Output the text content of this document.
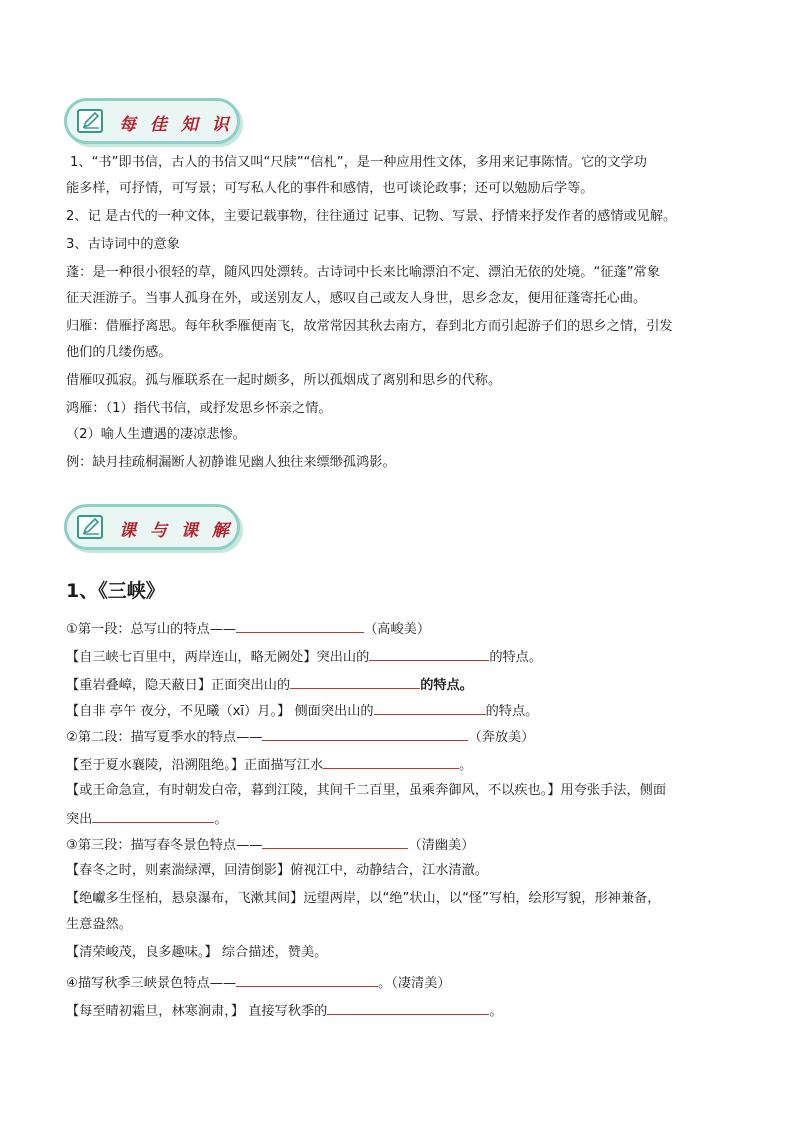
每 佳 知 识
1、“书”即书信，古人的书信又叫“尺牍”“信札”，是一种应用性文体，多用来记事陈情。它的文学功
能多样，可抒情，可写景；可写私人化的事件和感情，也可谈论政事；还可以勉励后学等。
2、记 是古代的一种文体，主要记载事物，往往通过 记事、记物、写景、抒情来抒发作者的感情或见解。
3、古诗词中的意象
蓬：是一种很小很轻的草，随风四处漂转。古诗词中长来比喻漂泊不定、漂泊无依的处境。“征蓬”常象
征天涯游子。当事人孤身在外，或送别友人，感叹自己或友人身世，思乡念友，便用征蓬寄托心曲。
归雁：借雁抒离思。每年秋季雁便南飞，故常常因其秋去南方，春到北方而引起游子们的思乡之情，引发
他们的几缕伤感。
借雁叹孤寂。孤与雁联系在一起时颇多，所以孤烟成了离别和思乡的代称。
鸿雁：（1）指代书信，或抒发思乡怀亲之情。
（2）喻人生遭遇的凄凉悲惨。
例：缺月挂疏桐漏断人初静谁见幽人独往来缥缈孤鸿影。
课 与 课 解
1、《三峡》
①第一段：总写山的特点——	（高峻美）
【自三峡七百里中，两岸连山，略无阙处】突出山的	的特点。
【重岩叠嶂，隐天蔽日】正面突出山的	的特点。
【自非 亭午 夜分，不见曦（xī）月。】 侧面突出山的	的特点。
②第二段：描写夏季水的特点——	（奔放美）
【至于夏水襄陵，沿溯阻绝。】正面描写江水	。
【或王命急宣，有时朝发白帝，暮到江陵，其间千二百里，虽乘奔御风，不以疾也。】用夸张手法，侧面
突出	。
③第三段：描写春冬景色特点——	（清幽美）
【春冬之时，则素湍绿潭，回清倒影】俯视江中，动静结合，江水清澈。
【绝巘多生怪柏，悬泉瀑布，飞漱其间】远望两岸，以“绝”状山，以“怪”写柏，绘形写貌，形神兼备，
生意盎然。
【清荣峻茂，良多趣味。】 综合描述，赞美。
④描写秋季三峡景色特点——	。（凄清美）
【每至晴初霜旦，林寒涧肃，】 直接写秋季的	。
